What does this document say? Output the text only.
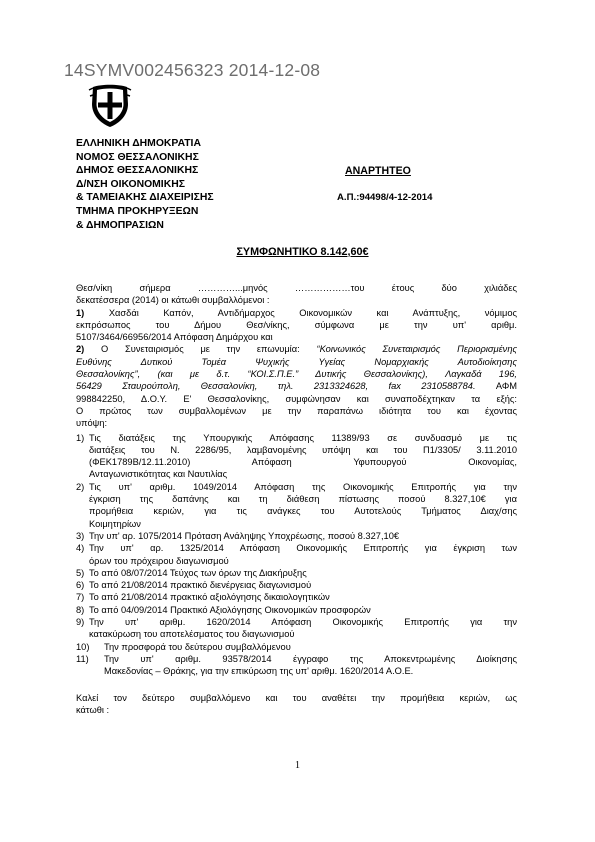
14SYMV002456323 2014-12-08
ΕΛΛΗΝΙΚΗ ΔΗΜΟΚΡΑΤΙΑ
ΝΟΜΟΣ ΘΕΣΣΑΛΟΝΙΚΗΣ
ΔΗΜΟΣ ΘΕΣΣΑΛΟΝΙΚΗΣ
Δ/ΝΣΗ ΟΙΚΟΝΟΜΙΚΗΣ
& ΤΑΜΕΙΑΚΗΣ ΔΙΑΧΕΙΡΙΣΗΣ
ΤΜΗΜΑ ΠΡΟΚΗΡΥΞΕΩΝ
& ΔΗΜΟΠΡΑΣΙΩΝ
ΑΝΑΡΤΗΤΕΟ
Α.Π.:94498/4-12-2014
ΣΥΜΦΩΝΗΤΙΚΟ 8.142,60€

Θεσ/νίκη σήμερα …………...μηνός ………………του έτους δύο χιλιάδες

δεκατέσσερα (2014) οι κάτωθι συμβαλλόμενοι :

1)	Χασδάι Καπόν, Αντιδήμαρχος Οικονομικών και Ανάπτυξης, νόμιμος

εκπρόσωπος του Δήμου Θεσ/νίκης, σύμφωνα με την υπ' αριθμ.

5107/3464/66956/2014 Απόφαση Δημάρχου και

2) Ο Συνεταιρισμός με την επωνυμία: “Κοινωνικός Συνεταιρισμός Περιορισμένης

Ευθύνης Δυτικού Τομέα Ψυχικής Υγείας Νομαρχιακής Αυτοδιοίκησης

Θεσσαλονίκης”, (και με δ.τ. “ΚΟΙ.Σ.Π.Ε.” Δυτικής Θεσσαλονίκης), Λαγκαδά 196,

56429 Σταυρούπολη, Θεσσαλονίκη, τηλ. 2313324628, fax 2310588784. ΑΦΜ

998842250, Δ.Ο.Υ. Ε' Θεσσαλονίκης, συμφώνησαν και συναποδέχτηκαν τα εξής:

Ο πρώτος των συμβαλλομένων με την παραπάνω ιδιότητα του και έχοντας

υπόψη:

1) Τις διατάξεις της Υπουργικής Απόφασης 11389/93 σε συνδυασμό με τις

διατάξεις του Ν. 2286/95, λαμβανομένης υπόψη και του Π1/3305/ 3.11.2010

(ΦΕΚ1789Β/12.11.2010) Απόφαση Υφυπουργού Οικονομίας,

Ανταγωνιστικότητας και Ναυτιλίας

2) Τις υπ' αριθμ. 1049/2014 Απόφαση της Οικονομικής Επιτροπής για την

έγκριση της δαπάνης και τη διάθεση πίστωσης ποσού 8.327,10€ για

προμήθεια κεριών, για τις ανάγκες του Αυτοτελούς Τμήματος Διαχ/σης

Κοιμητηρίων

3) Την υπ' αρ. 1075/2014 Πρόταση Ανάληψης Υποχρέωσης, ποσού 8.327,10€

4) Την υπ' αρ. 1325/2014 Απόφαση Οικονομικής Επιτροπής για έγκριση των

όρων του πρόχειρου διαγωνισμού

5) Το από 08/07/2014 Τεύχος των όρων της Διακήρυξης

6) Το από 21/08/2014 πρακτικό διενέργειας διαγωνισμού

7) Το από 21/08/2014 πρακτικό αξιολόγησης δικαιολογητικών

8) Το από 04/09/2014 Πρακτικό Αξιολόγησης Οικονομικών προσφορών

9) Την υπ' αριθμ. 1620/2014 Απόφαση Οικονομικής Επιτροπής για την

κατακύρωση του αποτελέσματος του διαγωνισμού

10)	Την προσφορά του δεύτερου συμβαλλόμενου

11)	Την υπ' αριθμ. 93578/2014 έγγραφο της Αποκεντρωμένης Διοίκησης

Μακεδονίας – Θράκης, για την επικύρωση της υπ' αριθμ. 1620/2014 Α.Ο.Ε.

Καλεί τον δεύτερο συμβαλλόμενο και του αναθέτει την προμήθεια κεριών, ως

κάτωθι :

1
